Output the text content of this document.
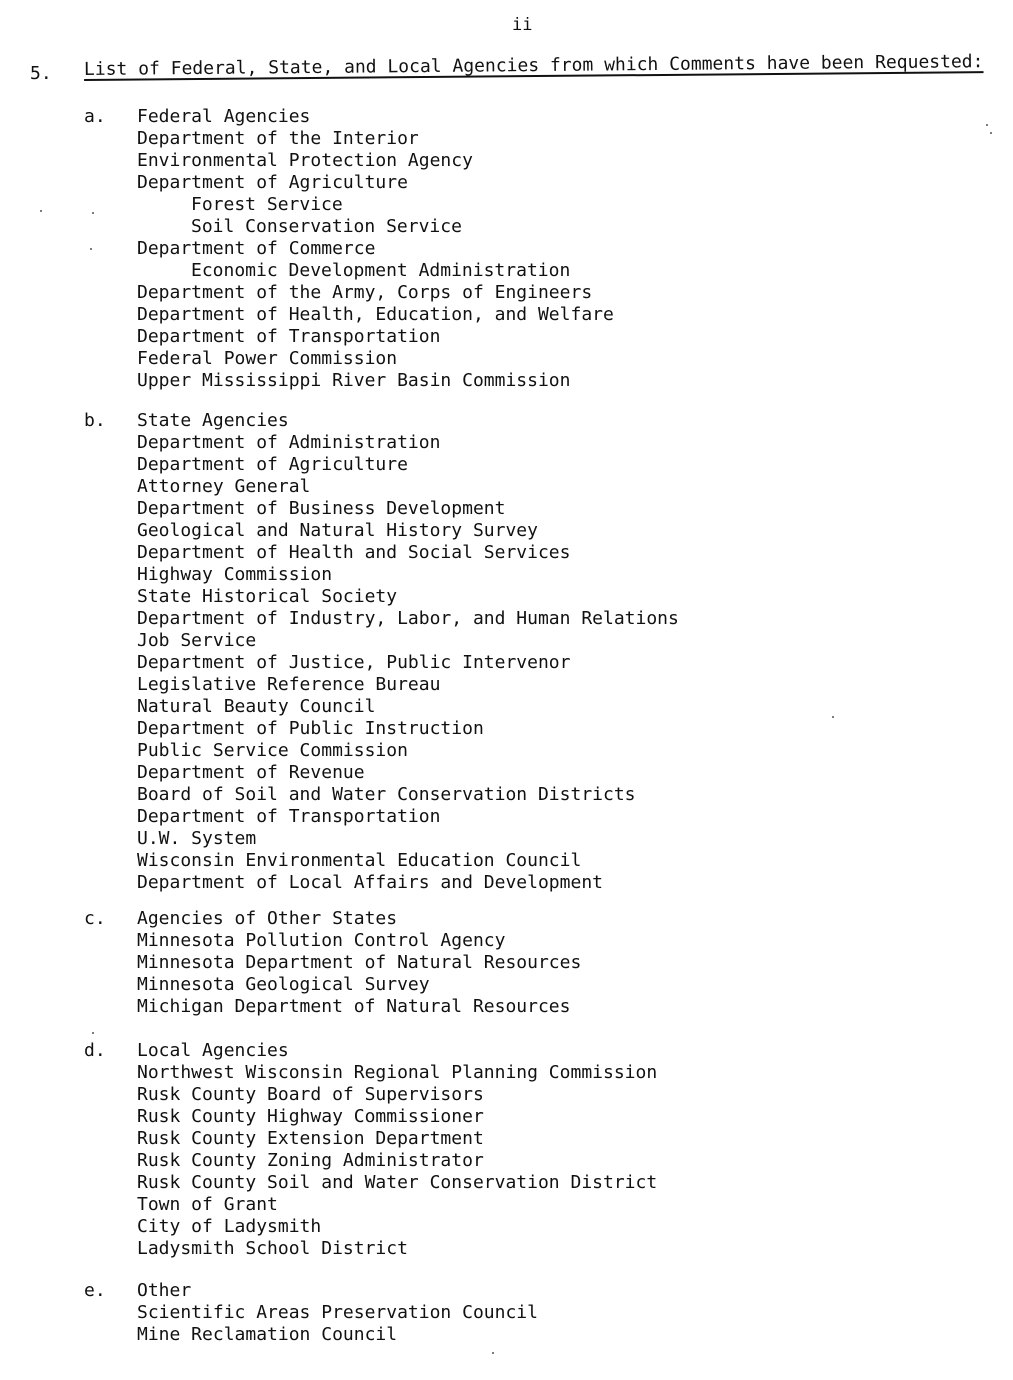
ii
5. List of Federal, State, and Local Agencies from which Comments have been Requested:
a. Federal Agencies
Department of the Interior
Environmental Protection Agency
Department of Agriculture
Forest Service
Soil Conservation Service
Department of Commerce
Economic Development Administration
Department of the Army, Corps of Engineers
Department of Health, Education, and Welfare
Department of Transportation
Federal Power Commission
Upper Mississippi River Basin Commission
b. State Agencies
Department of Administration
Department of Agriculture
Attorney General
Department of Business Development
Geological and Natural History Survey
Department of Health and Social Services
Highway Commission
State Historical Society
Department of Industry, Labor, and Human Relations
Job Service
Department of Justice, Public Intervenor
Legislative Reference Bureau
Natural Beauty Council
Department of Public Instruction
Public Service Commission
Department of Revenue
Board of Soil and Water Conservation Districts
Department of Transportation
U.W. System
Wisconsin Environmental Education Council
Department of Local Affairs and Development
c. Agencies of Other States
Minnesota Pollution Control Agency
Minnesota Department of Natural Resources
Minnesota Geological Survey
Michigan Department of Natural Resources
d. Local Agencies
Northwest Wisconsin Regional Planning Commission
Rusk County Board of Supervisors
Rusk County Highway Commissioner
Rusk County Extension Department
Rusk County Zoning Administrator
Rusk County Soil and Water Conservation District
Town of Grant
City of Ladysmith
Ladysmith School District
e. Other
Scientific Areas Preservation Council
Mine Reclamation Council
